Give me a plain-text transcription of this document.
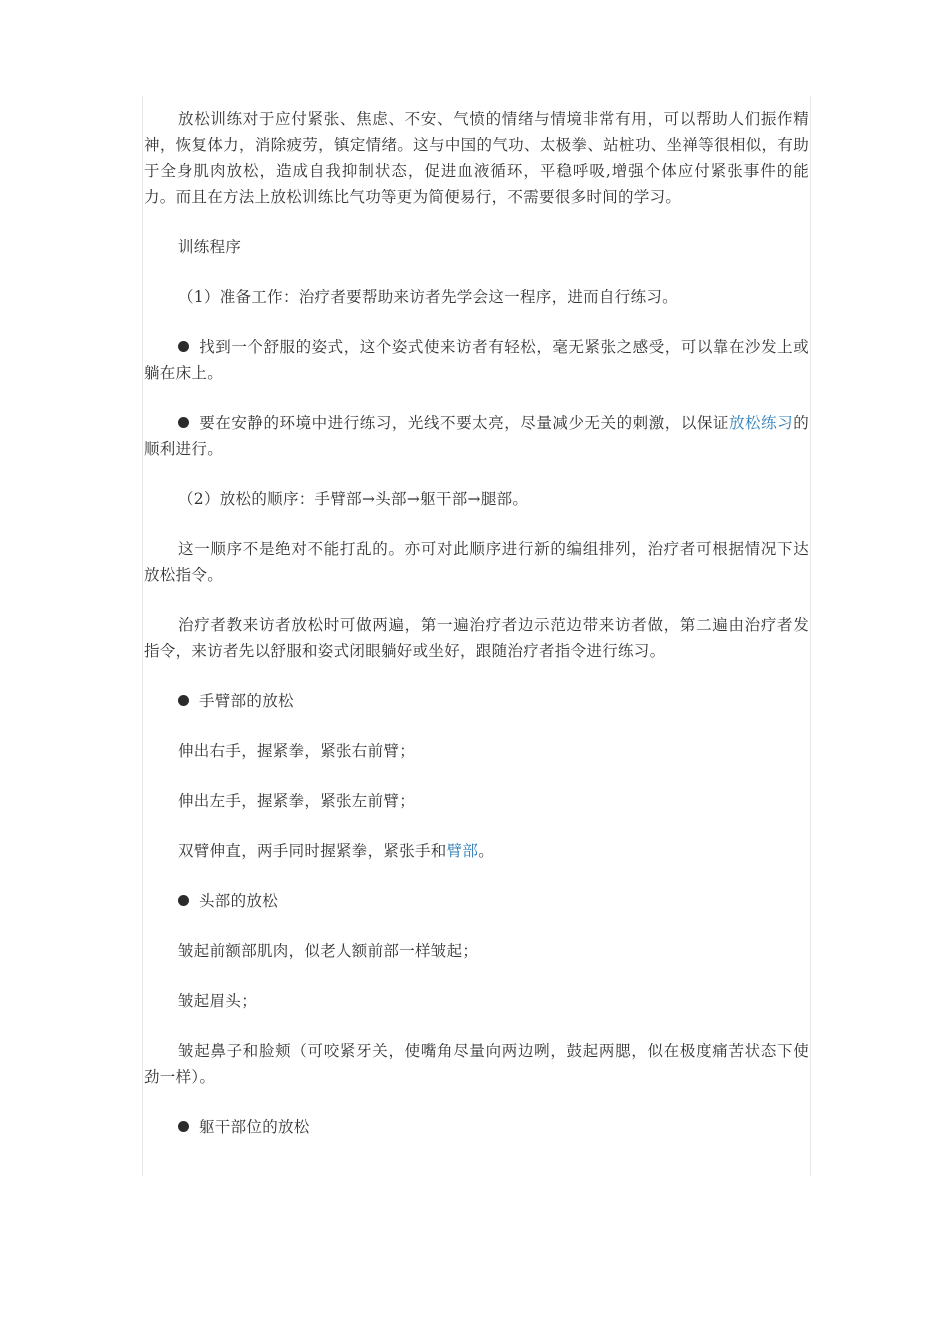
放松训练对于应付紧张、焦虑、不安、气愤的情绪与情境非常有用，可以帮助人们振作精神，恢复体力，消除疲劳，镇定情绪。这与中国的气功、太极拳、站桩功、坐禅等很相似，有助于全身肌肉放松，造成自我抑制状态，促进血液循环，平稳呼吸,增强个体应付紧张事件的能力。而且在方法上放松训练比气功等更为简便易行，不需要很多时间的学习。

训练程序

（1）准备工作：治疗者要帮助来访者先学会这一程序，进而自行练习。

找到一个舒服的姿式，这个姿式使来访者有轻松，毫无紧张之感受，可以靠在沙发上或躺在床上。

要在安静的环境中进行练习，光线不要太亮，尽量减少无关的刺激，以保证放松练习的顺利进行。

（2）放松的顺序：手臂部→头部→躯干部→腿部。

这一顺序不是绝对不能打乱的。亦可对此顺序进行新的编组排列，治疗者可根据情况下达放松指令。

治疗者教来访者放松时可做两遍，第一遍治疗者边示范边带来访者做，第二遍由治疗者发指令，来访者先以舒服和姿式闭眼躺好或坐好，跟随治疗者指令进行练习。

手臂部的放松

伸出右手，握紧拳，紧张右前臂；

伸出左手，握紧拳，紧张左前臂；

双臂伸直，两手同时握紧拳，紧张手和臂部。

头部的放松

皱起前额部肌肉，似老人额前部一样皱起；

皱起眉头；

皱起鼻子和脸颊（可咬紧牙关，使嘴角尽量向两边咧，鼓起两腮，似在极度痛苦状态下使劲一样）。

躯干部位的放松
